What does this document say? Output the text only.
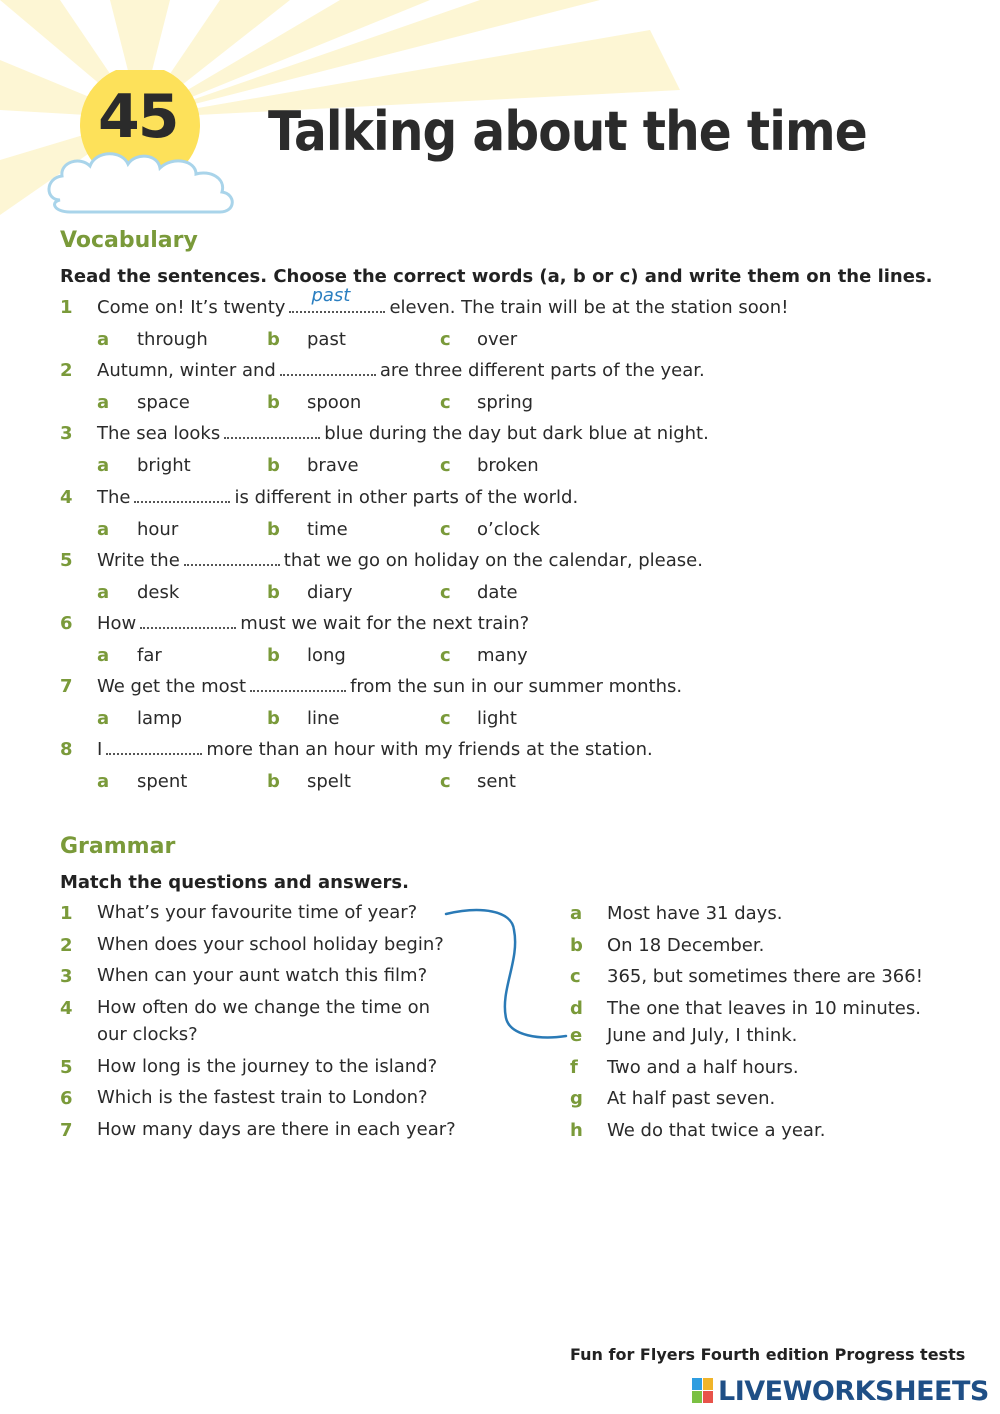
45 Talking about the time
Vocabulary
Read the sentences. Choose the correct words (a, b or c) and write them on the lines.
1 Come on! It’s twenty
past
eleven. The train will be at the station soon!
a through	b past	c over
2 Autumn, winter and	are three different parts of the year.
a space	b spoon	c spring
3 The sea looks	blue during the day but dark blue at night.
a bright	b brave	c broken
4 The	is different in other parts of the world.
a hour	b time	c o’clock
5 Write the	that we go on holiday on the calendar, please.
a desk	b diary	c date
6 How	must we wait for the next train?
a far	b long	c many
7 We get the most	from the sun in our summer months.
a lamp	b line	c light
8 I	more than an hour with my friends at the station.
a spent	b spelt	c sent
Grammar
Match the questions and answers.
1 What’s your favourite time of year?
2 When does your school holiday begin?
3 When can your aunt watch this film?
4 How often do we change the time on our clocks?
5 How long is the journey to the island?
6 Which is the fastest train to London?
7 How many days are there in each year?
a Most have 31 days.
b On 18 December.
c 365, but sometimes there are 366!
d The one that leaves in 10 minutes.
e June and July, I think.
f Two and a half hours.
g At half past seven.
h We do that twice a year.
Fun for Flyers Fourth edition Progress tests
LIVEWORKSHEETS
